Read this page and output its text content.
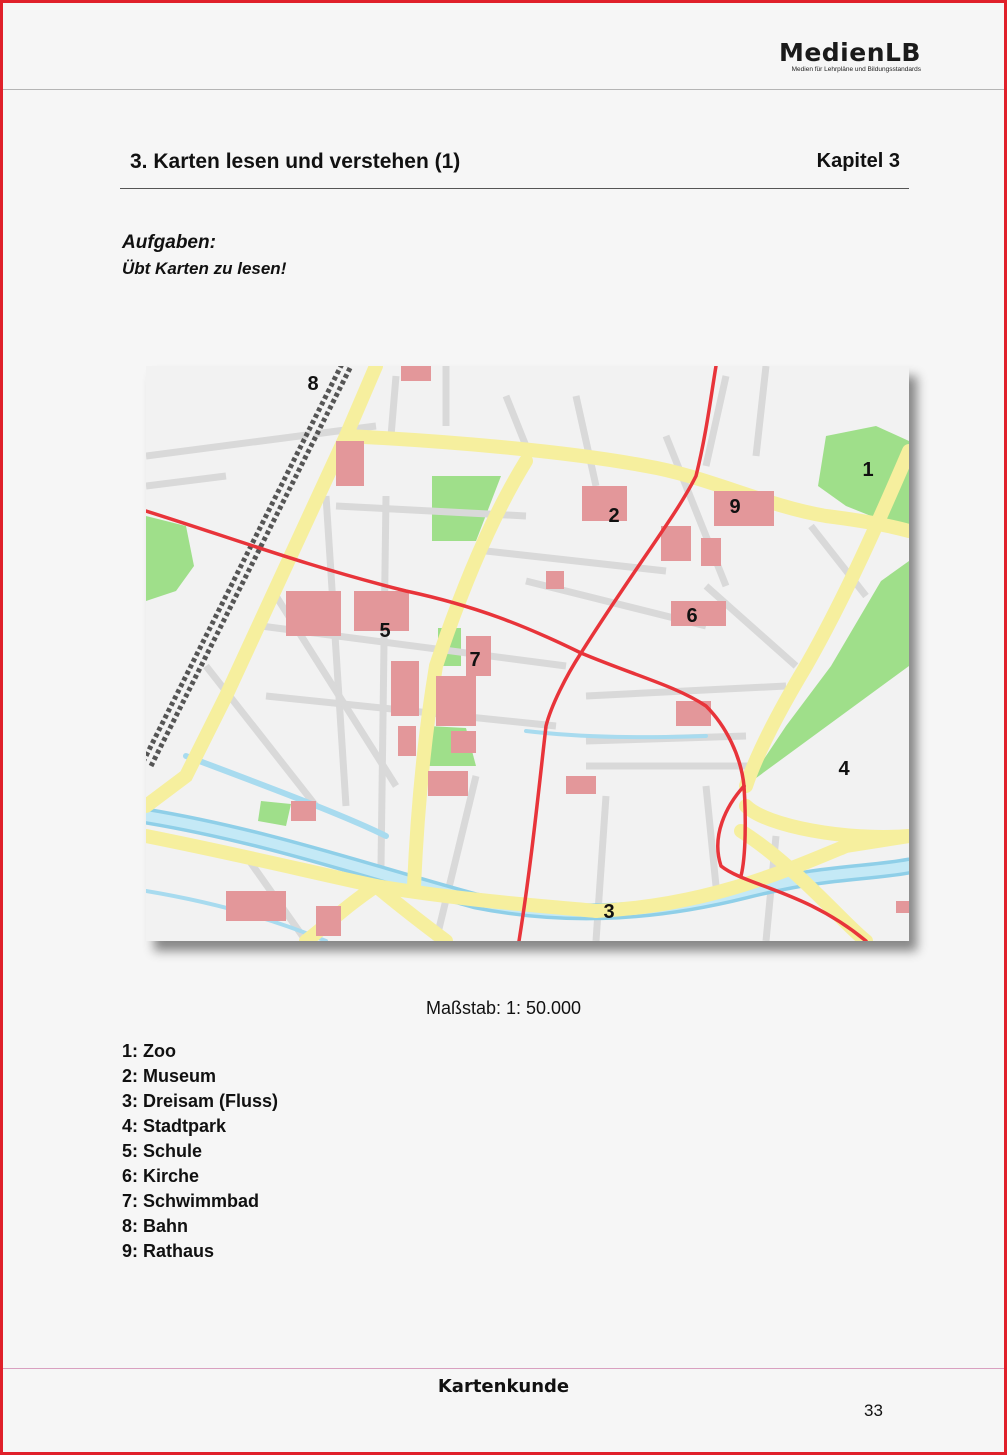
MedienLB
Medien für Lehrpläne und Bildungsstandards
3. Karten lesen und verstehen (1)	Kapitel 3
Aufgaben:
Übt Karten zu lesen!
1
2
3
4
5
6
7
8
9
Maßstab: 1: 50.000
1: Zoo
2: Museum
3: Dreisam (Fluss)
4: Stadtpark
5: Schule
6: Kirche
7: Schwimmbad
8: Bahn
9: Rathaus
Kartenkunde
33
